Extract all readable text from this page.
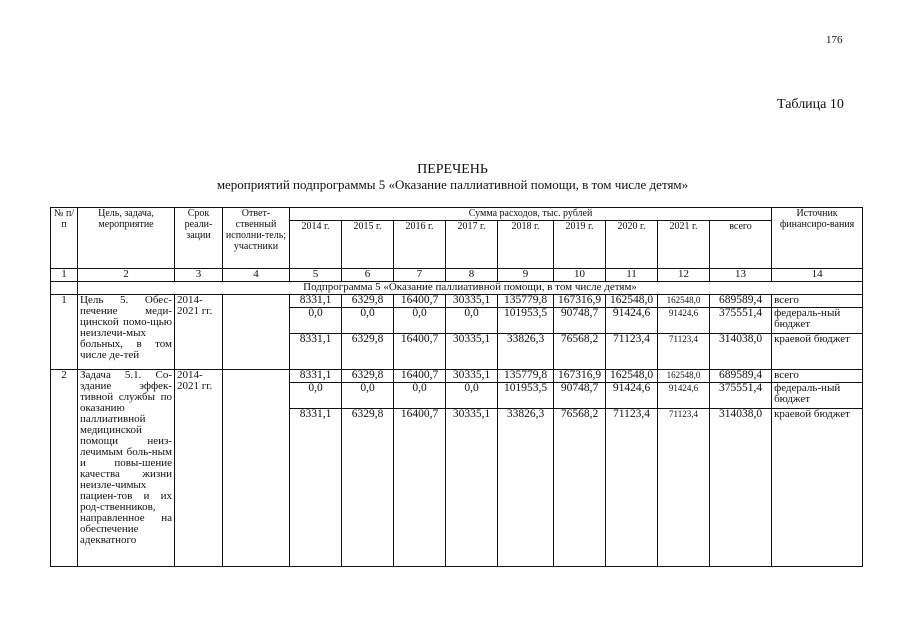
176
Таблица 10
ПЕРЕЧЕНЬ
мероприятий подпрограммы 5 «Оказание паллиативной помощи, в том числе детям»
№ п/п	Цель, задача, мероприятие	Срок реали-зации	Ответ-ственный исполни-тель; участники	Сумма расходов, тыс. рублей									Источник финансиро-вания
				2014 г.	2015 г.	2016 г.	2017 г.	2018 г.	2019 г.	2020 г.	2021 г.	всего	
1	2	3	4	5	6	7	8	9	10	11	12	13	14
	Подпрограмма 5 «Оказание паллиативной помощи, в том числе детям»												
1	Цель 5. Обес-печение меди-цинской помо-щью неизлечи-мых больных, в том числе де-тей	2014-2021 гг.		8331,1	6329,8	16400,7	30335,1	135779,8	167316,9	162548,0	162548,0	689589,4	всего
				0,0	0,0	0,0	0,0	101953,5	90748,7	91424,6	91424,6	375551,4	федераль-ный бюджет
				8331,1	6329,8	16400,7	30335,1	33826,3	76568,2	71123,4	71123,4	314038,0	краевой бюджет
2	Задача 5.1. Со-здание эффек-тивной службы по оказанию паллиативной медицинской помощи неиз-лечимым боль-ным и повы-шение качества жизни неизле-чимых пациен-тов и их род-ственников, направленное на обеспечение адекватного	2014-2021 гг.		8331,1	6329,8	16400,7	30335,1	135779,8	167316,9	162548,0	162548,0	689589,4	всего
				0,0	0,0	0,0	0,0	101953,5	90748,7	91424,6	91424,6	375551,4	федераль-ный бюджет
				8331,1	6329,8	16400,7	30335,1	33826,3	76568,2	71123,4	71123,4	314038,0	краевой бюджет
